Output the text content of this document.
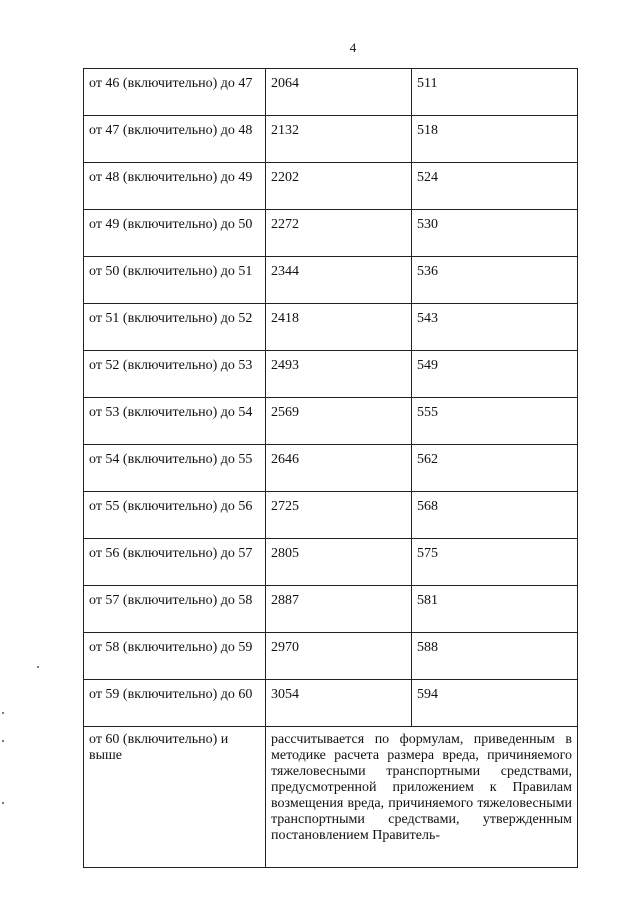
4
от 46 (включительно) до 47	2064	511
от 47 (включительно) до 48	2132	518
от 48 (включительно) до 49	2202	524
от 49 (включительно) до 50	2272	530
от 50 (включительно) до 51	2344	536
от 51 (включительно) до 52	2418	543
от 52 (включительно) до 53	2493	549
от 53 (включительно) до 54	2569	555
от 54 (включительно) до 55	2646	562
от 55 (включительно) до 56	2725	568
от 56 (включительно) до 57	2805	575
от 57 (включительно) до 58	2887	581
от 58 (включительно) до 59	2970	588
от 59 (включительно) до 60	3054	594
от 60 (включительно) и выше	рассчитывается по формулам, приведенным в методике расчета размера вреда, причиняемого тяжеловесными транспортными средствами, предусмотренной приложением к Правилам возмещения вреда, причиняемого тяжеловесными транспортными средствами, утвержденным постановлением Правитель-	
